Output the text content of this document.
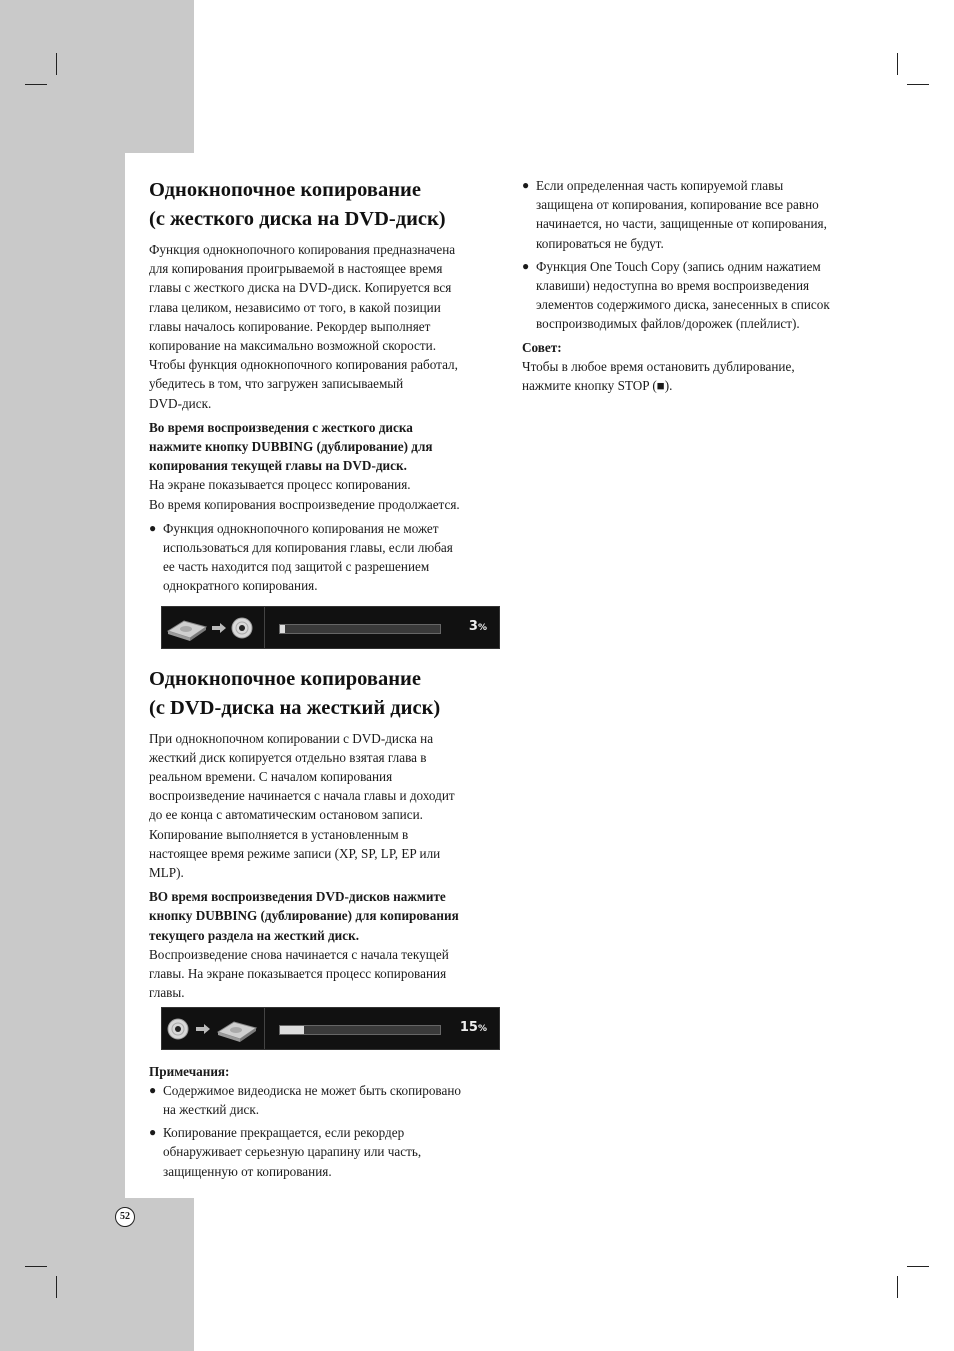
Однокнопочное копирование
(с жесткого диска на DVD-диск)

Функция однокнопочного копирования предназначена

для копирования проигрываемой в настоящее время

главы с жесткого диска на DVD-диск. Копируется вся

глава целиком, независимо от того, в какой позиции

главы началось копирование. Рекордер выполняет

копирование на максимально возможной скорости.

Чтобы функция однокнопочного копирования работал,

убедитесь в том, что загружен записываемый

DVD-диск.

Во время воспроизведения с жесткого диска

нажмите кнопку DUBBING (дублирование) для

копирования текущей главы на DVD-диск.

На экране показывается процесс копирования.

Во время копирования воспроизведение продолжается.

● Функция однокнопочного копирования не может
использоваться для копирования главы, если любая
ее часть находится под защитой с разрешением
однократного копирования.
3%
Однокнопочное копирование
(с DVD-диска на жесткий диск)

При однокнопочном копировании с DVD-диска на

жесткий диск копируется отдельно взятая глава в

реальном времени. С началом копирования

воспроизведение начинается с начала главы и доходит

до ее конца с автоматическим остановом записи.

Копирование выполняется в установленным в

настоящее время режиме записи (XP, SP, LP, EP или

MLP).

ВО время воспроизведения DVD-дисков нажмите

кнопку DUBBING (дублирование) для копирования

текущего раздела на жесткий диск.

Воспроизведение снова начинается с начала текущей

главы. На экране показывается процесс копирования

главы.

15%

Примечания:

● Содержимое видеодиска не может быть скопировано
на жесткий диск.
● Копирование прекращается, если рекордер
обнаруживает серьезную царапину или часть,
защищенную от копирования.
● Если определенная часть копируемой главы
защищена от копирования, копирование все равно
начинается, но части, защищенные от копирования,
копироваться не будут.
● Функция One Touch Copy (запись одним нажатием
клавиши) недоступна во время воспроизведения
элементов содержимого диска, занесенных в список
воспроизводимых файлов/дорожек (плейлист).

Совет:

Чтобы в любое время остановить дублирование,

нажмите кнопку STOP (■).

52
